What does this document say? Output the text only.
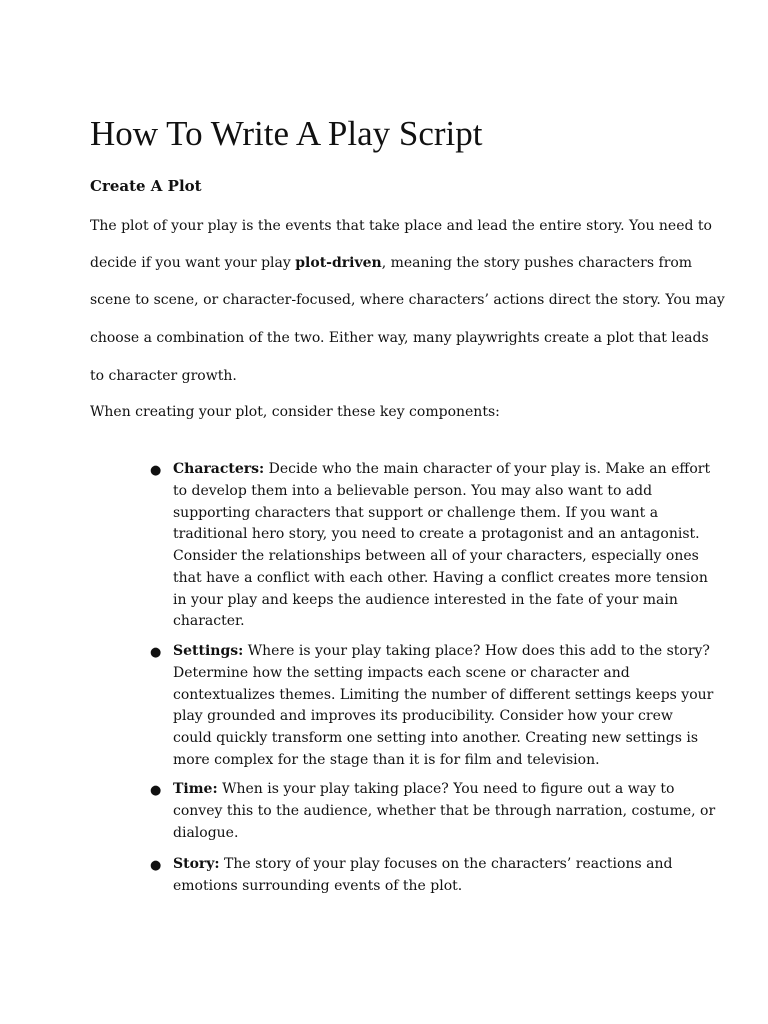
How To Write A Play Script
Create A Plot

The plot of your play is the events that take place and lead the entire story. You need to

decide if you want your play plot-driven, meaning the story pushes characters from

scene to scene, or character-focused, where characters’ actions direct the story. You may

choose a combination of the two. Either way, many playwrights create a plot that leads

to character growth.

When creating your plot, consider these key components:

● Characters: Decide who the main character of your play is. Make an effort

to develop them into a believable person. You may also want to add

supporting characters that support or challenge them. If you want a

traditional hero story, you need to create a protagonist and an antagonist.

Consider the relationships between all of your characters, especially ones

that have a conflict with each other. Having a conflict creates more tension

in your play and keeps the audience interested in the fate of your main

character.

● Settings: Where is your play taking place? How does this add to the story?

Determine how the setting impacts each scene or character and

contextualizes themes. Limiting the number of different settings keeps your

play grounded and improves its producibility. Consider how your crew

could quickly transform one setting into another. Creating new settings is

more complex for the stage than it is for film and television.

● Time: When is your play taking place? You need to figure out a way to

convey this to the audience, whether that be through narration, costume, or

dialogue.

● Story: The story of your play focuses on the characters’ reactions and

emotions surrounding events of the plot.
